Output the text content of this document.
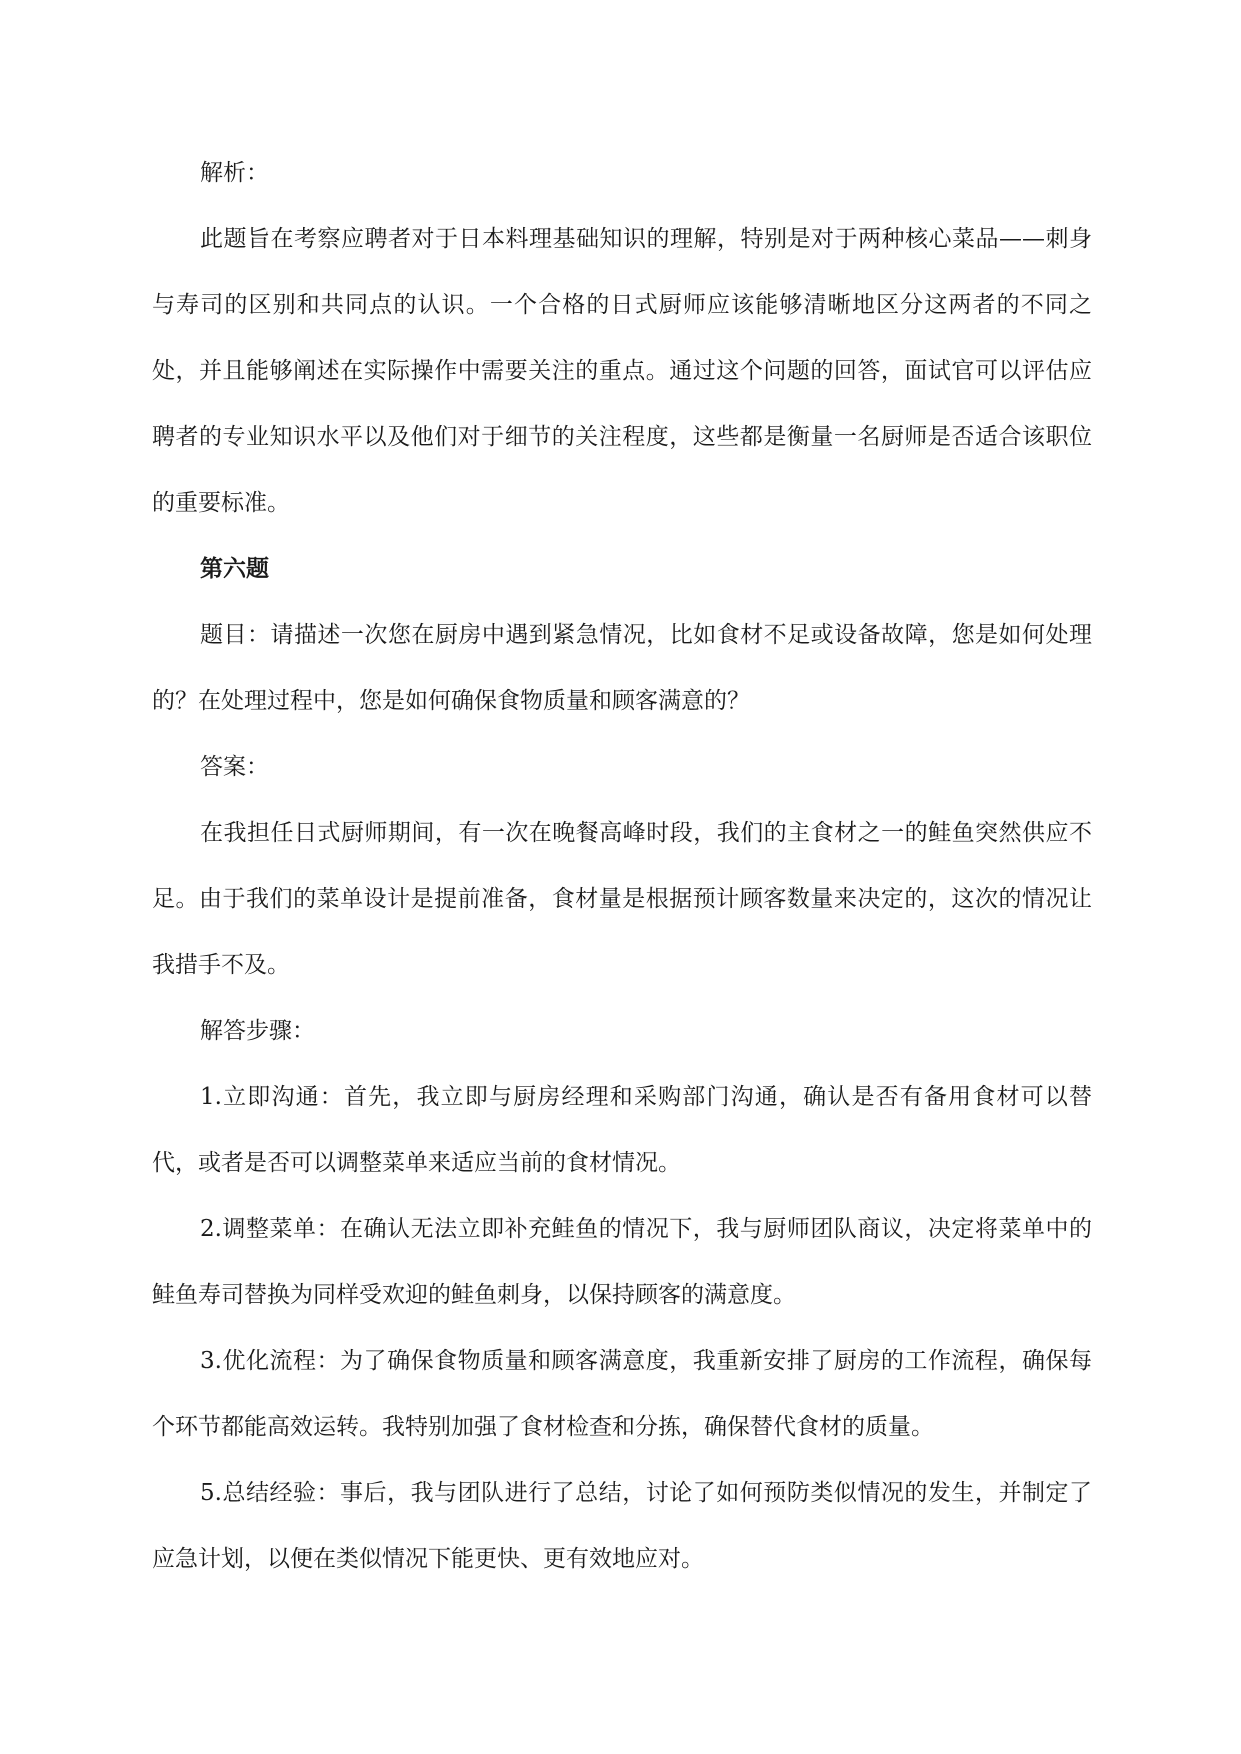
解析：

此题旨在考察应聘者对于日本料理基础知识的理解，特别是对于两种核心菜品——刺身与寿司的区别和共同点的认识。一个合格的日式厨师应该能够清晰地区分这两者的不同之处，并且能够阐述在实际操作中需要关注的重点。通过这个问题的回答，面试官可以评估应聘者的专业知识水平以及他们对于细节的关注程度，这些都是衡量一名厨师是否适合该职位的重要标准。

第六题

题目：请描述一次您在厨房中遇到紧急情况，比如食材不足或设备故障，您是如何处理的？在处理过程中，您是如何确保食物质量和顾客满意的？

答案：

在我担任日式厨师期间，有一次在晚餐高峰时段，我们的主食材之一的鲑鱼突然供应不足。由于我们的菜单设计是提前准备，食材量是根据预计顾客数量来决定的，这次的情况让我措手不及。

解答步骤：

1.立即沟通：首先，我立即与厨房经理和采购部门沟通，确认是否有备用食材可以替代，或者是否可以调整菜单来适应当前的食材情况。

2.调整菜单：在确认无法立即补充鲑鱼的情况下，我与厨师团队商议，决定将菜单中的鲑鱼寿司替换为同样受欢迎的鲑鱼刺身，以保持顾客的满意度。

3.优化流程：为了确保食物质量和顾客满意度，我重新安排了厨房的工作流程，确保每个环节都能高效运转。我特别加强了食材检查和分拣，确保替代食材的质量。

5.总结经验：事后，我与团队进行了总结，讨论了如何预防类似情况的发生，并制定了应急计划，以便在类似情况下能更快、更有效地应对。
